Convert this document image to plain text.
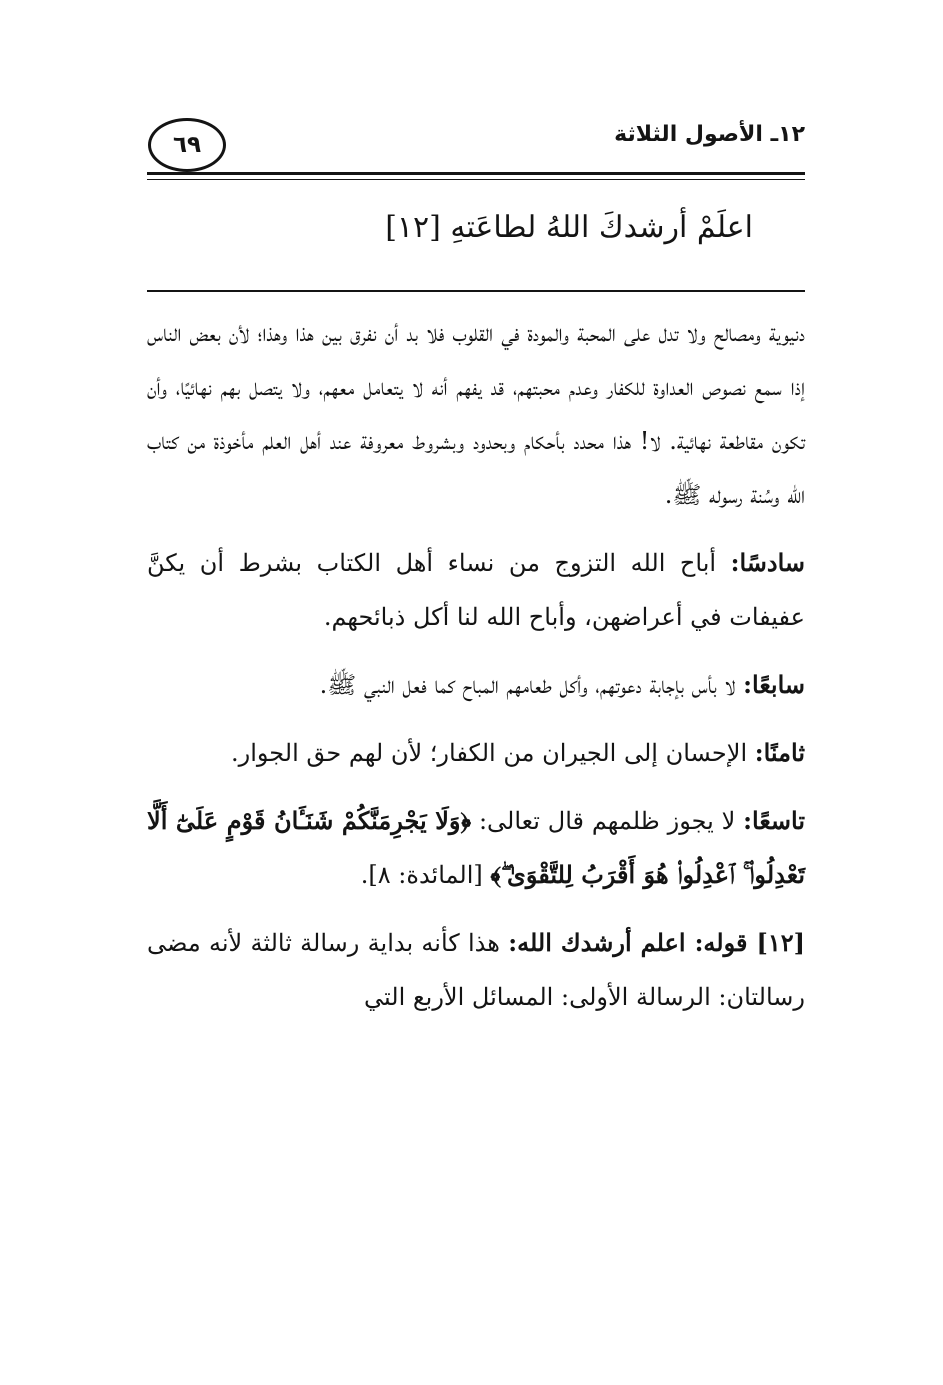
١٢ـ الأصول الثلاثة
٦٩
اعلَمْ أرشدكَ اللهُ لطاعَتهِ [١٢]

دنيوية ومصالح ولا تدل على المحبة والمودة في القلوب فلا بد أن نفرق بين هذا وهذا؛ لأن بعض الناس إذا سمع نصوص العداوة للكفار وعدم محبتهم، قد يفهم أنه لا يتعامل معهم، ولا يتصل بهم نهائيًا، وأن تكون مقاطعة نهائية. لا! هذا محدد بأحكام وبحدود وبشروط معروفة عند أهل العلم مأخوذة من كتاب الله وسُنة رسوله ﷺ.

سادسًا: أباح الله التزوج من نساء أهل الكتاب بشرط أن يكنَّ عفيفات في أعراضهن، وأباح الله لنا أكل ذبائحهم.

سابعًا: لا بأس بإجابة دعوتهم، وأكل طعامهم المباح كما فعل النبي ﷺ.

ثامنًا: الإحسان إلى الجيران من الكفار؛ لأن لهم حق الجوار.

تاسعًا: لا يجوز ظلمهم قال تعالى: ﴿وَلَا يَجْرِمَنَّكُمْ شَنَـَٔانُ قَوْمٍ عَلَىٰٓ أَلَّا تَعْدِلُوا۟ ۚ ٱعْدِلُوا۟ هُوَ أَقْرَبُ لِلتَّقْوَىٰ ۖ﴾ [المائدة: ٨].

[١٢] قوله: اعلم أرشدك الله: هذا كأنه بداية رسالة ثالثة لأنه مضى رسالتان: الرسالة الأولى: المسائل الأربع التي
